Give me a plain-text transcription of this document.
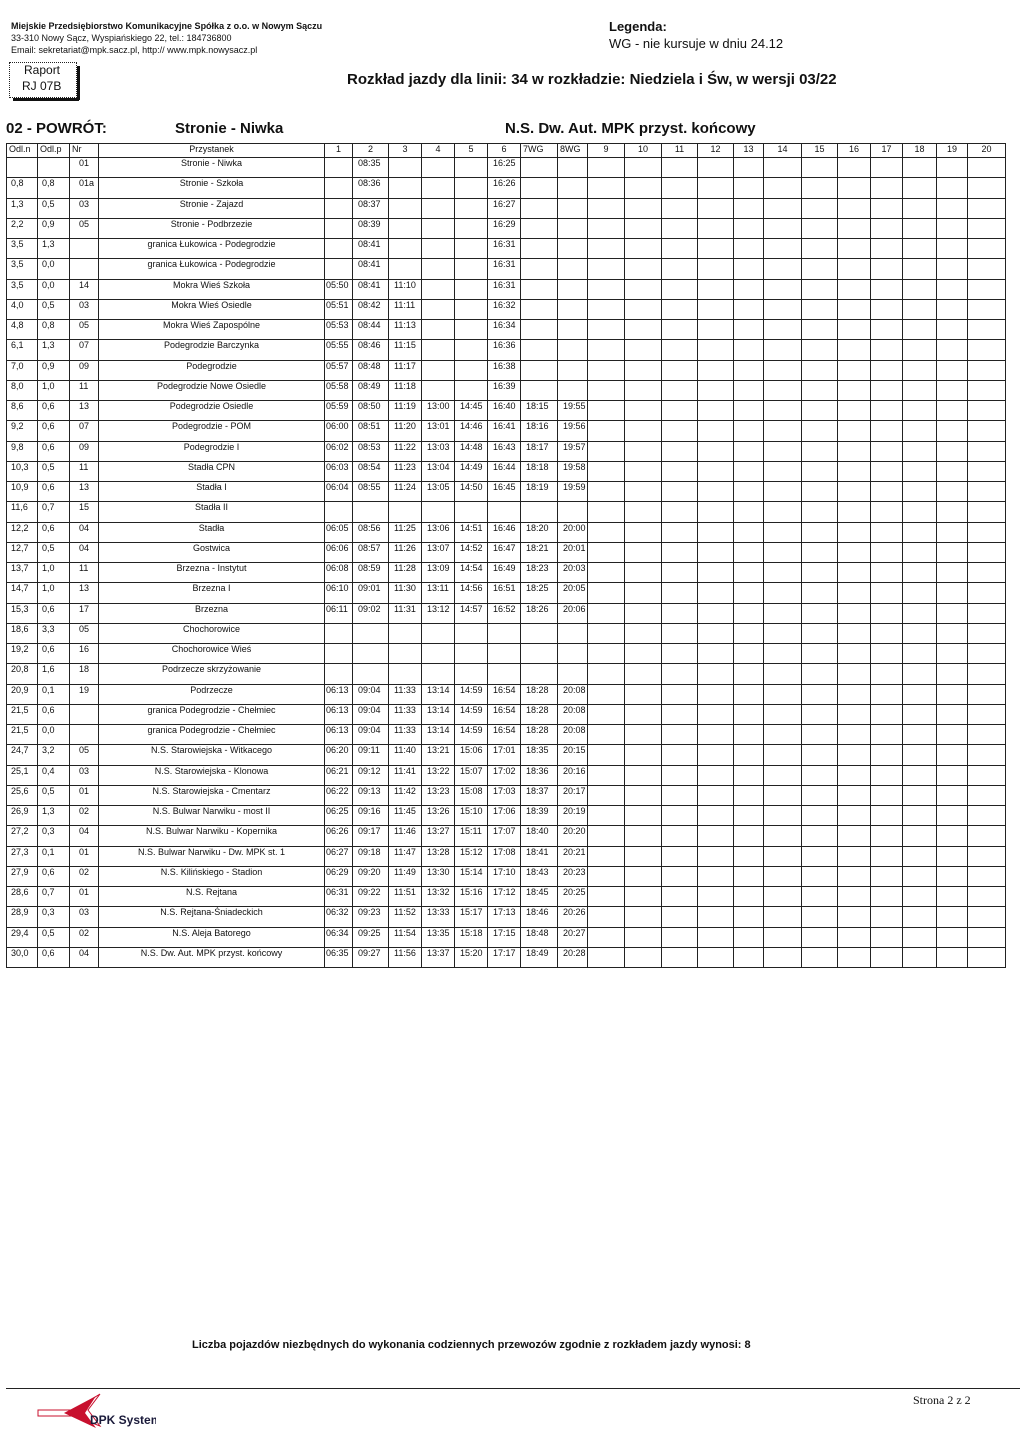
Miejskie Przedsiębiorstwo Komunikacyjne Spółka z o.o. w Nowym Sączu
33-310 Nowy Sącz, Wyspiańskiego 22, tel.: 184736800
Email: sekretariat@mpk.sacz.pl, http:// www.mpk.nowysacz.pl
Raport
RJ 07B
Legenda:
WG - nie kursuje w dniu 24.12
Rozkład jazdy dla linii: 34 w rozkładzie: Niedziela i Św, w wersji 03/22
02 - POWRÓT:	Stronie - Niwka	N.S. Dw. Aut. MPK przyst. końcowy
Odl.n	Odl.p	Nr	Przystanek	1	2	3	4	5	6	7WG	8WG	9	10	11	12	13	14	15	16	17	18	19	20
		01	Stronie - Niwka		08:35				16:25														
0,8	0,8	01a	Stronie - Szkoła		08:36				16:26														
1,3	0,5	03	Stronie - Zajazd		08:37				16:27														
2,2	0,9	05	Stronie - Podbrzezie		08:39				16:29														
3,5	1,3		granica Łukowica - Podegrodzie		08:41				16:31														
3,5	0,0		granica Łukowica - Podegrodzie		08:41				16:31														
3,5	0,0	14	Mokra Wieś Szkoła	05:50	08:41	11:10			16:31														
4,0	0,5	03	Mokra Wieś Osiedle	05:51	08:42	11:11			16:32														
4,8	0,8	05	Mokra Wieś Zapospólne	05:53	08:44	11:13			16:34														
6,1	1,3	07	Podegrodzie Barczynka	05:55	08:46	11:15			16:36														
7,0	0,9	09	Podegrodzie	05:57	08:48	11:17			16:38														
8,0	1,0	11	Podegrodzie Nowe Osiedle	05:58	08:49	11:18			16:39														
8,6	0,6	13	Podegrodzie Osiedle	05:59	08:50	11:19	13:00	14:45	16:40	18:15	19:55												
9,2	0,6	07	Podegrodzie - POM	06:00	08:51	11:20	13:01	14:46	16:41	18:16	19:56												
9,8	0,6	09	Podegrodzie I	06:02	08:53	11:22	13:03	14:48	16:43	18:17	19:57												
10,3	0,5	11	Stadła CPN	06:03	08:54	11:23	13:04	14:49	16:44	18:18	19:58												
10,9	0,6	13	Stadła I	06:04	08:55	11:24	13:05	14:50	16:45	18:19	19:59												
11,6	0,7	15	Stadła II																				
12,2	0,6	04	Stadła	06:05	08:56	11:25	13:06	14:51	16:46	18:20	20:00												
12,7	0,5	04	Gostwica	06:06	08:57	11:26	13:07	14:52	16:47	18:21	20:01												
13,7	1,0	11	Brzezna - Instytut	06:08	08:59	11:28	13:09	14:54	16:49	18:23	20:03												
14,7	1,0	13	Brzezna I	06:10	09:01	11:30	13:11	14:56	16:51	18:25	20:05												
15,3	0,6	17	Brzezna	06:11	09:02	11:31	13:12	14:57	16:52	18:26	20:06												
18,6	3,3	05	Chochorowice																				
19,2	0,6	16	Chochorowice Wieś																				
20,8	1,6	18	Podrzecze skrzyżowanie																				
20,9	0,1	19	Podrzecze	06:13	09:04	11:33	13:14	14:59	16:54	18:28	20:08												
21,5	0,6		granica Podegrodzie - Chełmiec	06:13	09:04	11:33	13:14	14:59	16:54	18:28	20:08												
21,5	0,0		granica Podegrodzie - Chełmiec	06:13	09:04	11:33	13:14	14:59	16:54	18:28	20:08												
24,7	3,2	05	N.S. Starowiejska - Witkacego	06:20	09:11	11:40	13:21	15:06	17:01	18:35	20:15												
25,1	0,4	03	N.S. Starowiejska - Klonowa	06:21	09:12	11:41	13:22	15:07	17:02	18:36	20:16												
25,6	0,5	01	N.S. Starowiejska - Cmentarz	06:22	09:13	11:42	13:23	15:08	17:03	18:37	20:17												
26,9	1,3	02	N.S. Bulwar Narwiku - most II	06:25	09:16	11:45	13:26	15:10	17:06	18:39	20:19												
27,2	0,3	04	N.S. Bulwar Narwiku - Kopernika	06:26	09:17	11:46	13:27	15:11	17:07	18:40	20:20												
27,3	0,1	01	N.S. Bulwar Narwiku - Dw. MPK st. 1	06:27	09:18	11:47	13:28	15:12	17:08	18:41	20:21												
27,9	0,6	02	N.S. Kilińskiego - Stadion	06:29	09:20	11:49	13:30	15:14	17:10	18:43	20:23												
28,6	0,7	01	N.S. Rejtana	06:31	09:22	11:51	13:32	15:16	17:12	18:45	20:25												
28,9	0,3	03	N.S. Rejtana-Śniadeckich	06:32	09:23	11:52	13:33	15:17	17:13	18:46	20:26												
29,4	0,5	02	N.S. Aleja Batorego	06:34	09:25	11:54	13:35	15:18	17:15	18:48	20:27												
30,0	0,6	04	N.S. Dw. Aut. MPK przyst. końcowy	06:35	09:27	11:56	13:37	15:20	17:17	18:49	20:28												
Liczba pojazdów niezbędnych do wykonania codziennych przewozów zgodnie z rozkładem jazdy wynosi: 8
DPK System
Strona 2 z 2
